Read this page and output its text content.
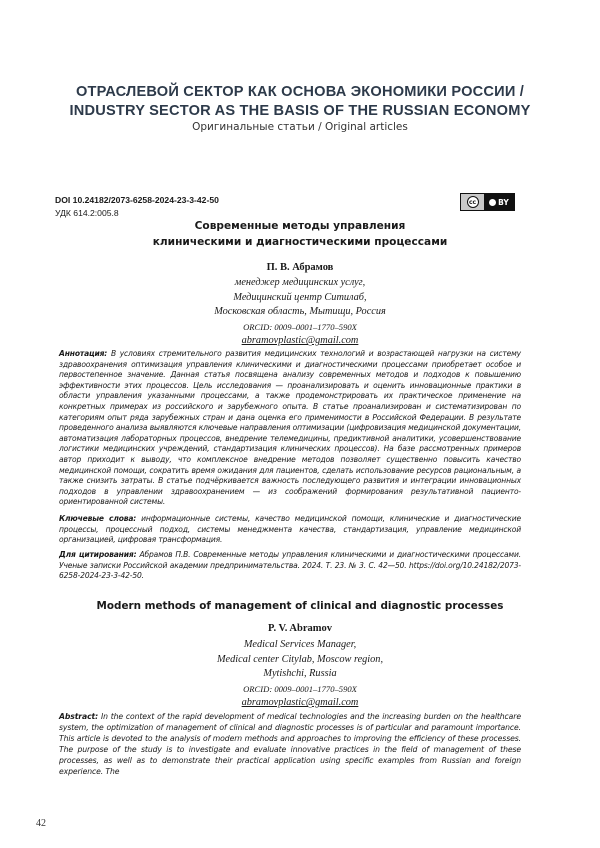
ОТРАСЛЕВОЙ СЕКТОР КАК ОСНОВА ЭКОНОМИКИ РОССИИ /
INDUSTRY SECTOR AS THE BASIS OF THE RUSSIAN ECONOMY
Оригинальные статьи / Original articles
DOI 10.24182/2073-6258-2024-23-3-42-50
УДК 614.2:005.8
cc	BY
Современные методы управления
клиническими и диагностическими процессами
П. В. Абрамов
менеджер медицинских услуг,
Медицинский центр Ситилаб,
Московская область, Мытищи, Россия
ORCID: 0009–0001–1770–590X
abramovplastic@gmail.com
Аннотация: В условиях стремительного развития медицинских технологий и возрастающей нагрузки на систему здравоохранения оптимизация управления клиническими и диагностическими процессами приобретает особое и первостепенное значение. Данная статья посвящена анализу современных методов и подходов к повышению эффективности этих процессов. Цель исследования — проанализировать и оценить инновационные практики в области управления указанными процессами, а также продемонстрировать их практическое применение на конкретных примерах из российского и зарубежного опыта. В статье проанализирован и систематизирован по категориям опыт ряда зарубежных стран и дана оценка его применимости в Российской Федерации. В результате проведенного анализа выявляются ключевые направления оптимизации (цифровизация медицинской документации, автоматизация лабораторных процессов, внедрение телемедицины, предиктивной аналитики, усовершенствование логистики медицинских учреждений, стандартизация клинических процессов). На базе рассмотренных примеров автор приходит к выводу, что комплексное внедрение методов позволяет существенно повысить качество медицинской помощи, сократить время ожидания для пациентов, сделать использование ресурсов рациональным, а также снизить затраты. В статье подчёркивается важность последующего развития и интеграции инновационных подходов в управлении здравоохранением — из соображений формирования результативной пациенто-ориентированной системы.
Ключевые слова: информационные системы, качество медицинской помощи, клинические и диагностические процессы, процессный подход, системы менеджмента качества, стандартизация, управление медицинской организацией, цифровая трансформация.
Для цитирования: Абрамов П.В. Современные методы управления клиническими и диагностическими процессами. Ученые записки Российской академии предпринимательства. 2024. Т. 23. № 3. С. 42—50. https://doi.org/10.24182/2073-6258-2024-23-3-42-50.
Modern methods of management of clinical and diagnostic processes
P. V. Abramov
Medical Services Manager,
Medical center Citylab, Moscow region,
Mytishchi, Russia
ORCID: 0009–0001–1770–590X
abramovplastic@gmail.com
Abstract: In the context of the rapid development of medical technologies and the increasing burden on the healthcare system, the optimization of management of clinical and diagnostic processes is of particular and paramount importance. This article is devoted to the analysis of modern methods and approaches to improving the efficiency of these processes. The purpose of the study is to investigate and evaluate innovative practices in the field of management of these processes, as well as to demonstrate their practical application using specific examples from Russian and foreign experience. The
42
